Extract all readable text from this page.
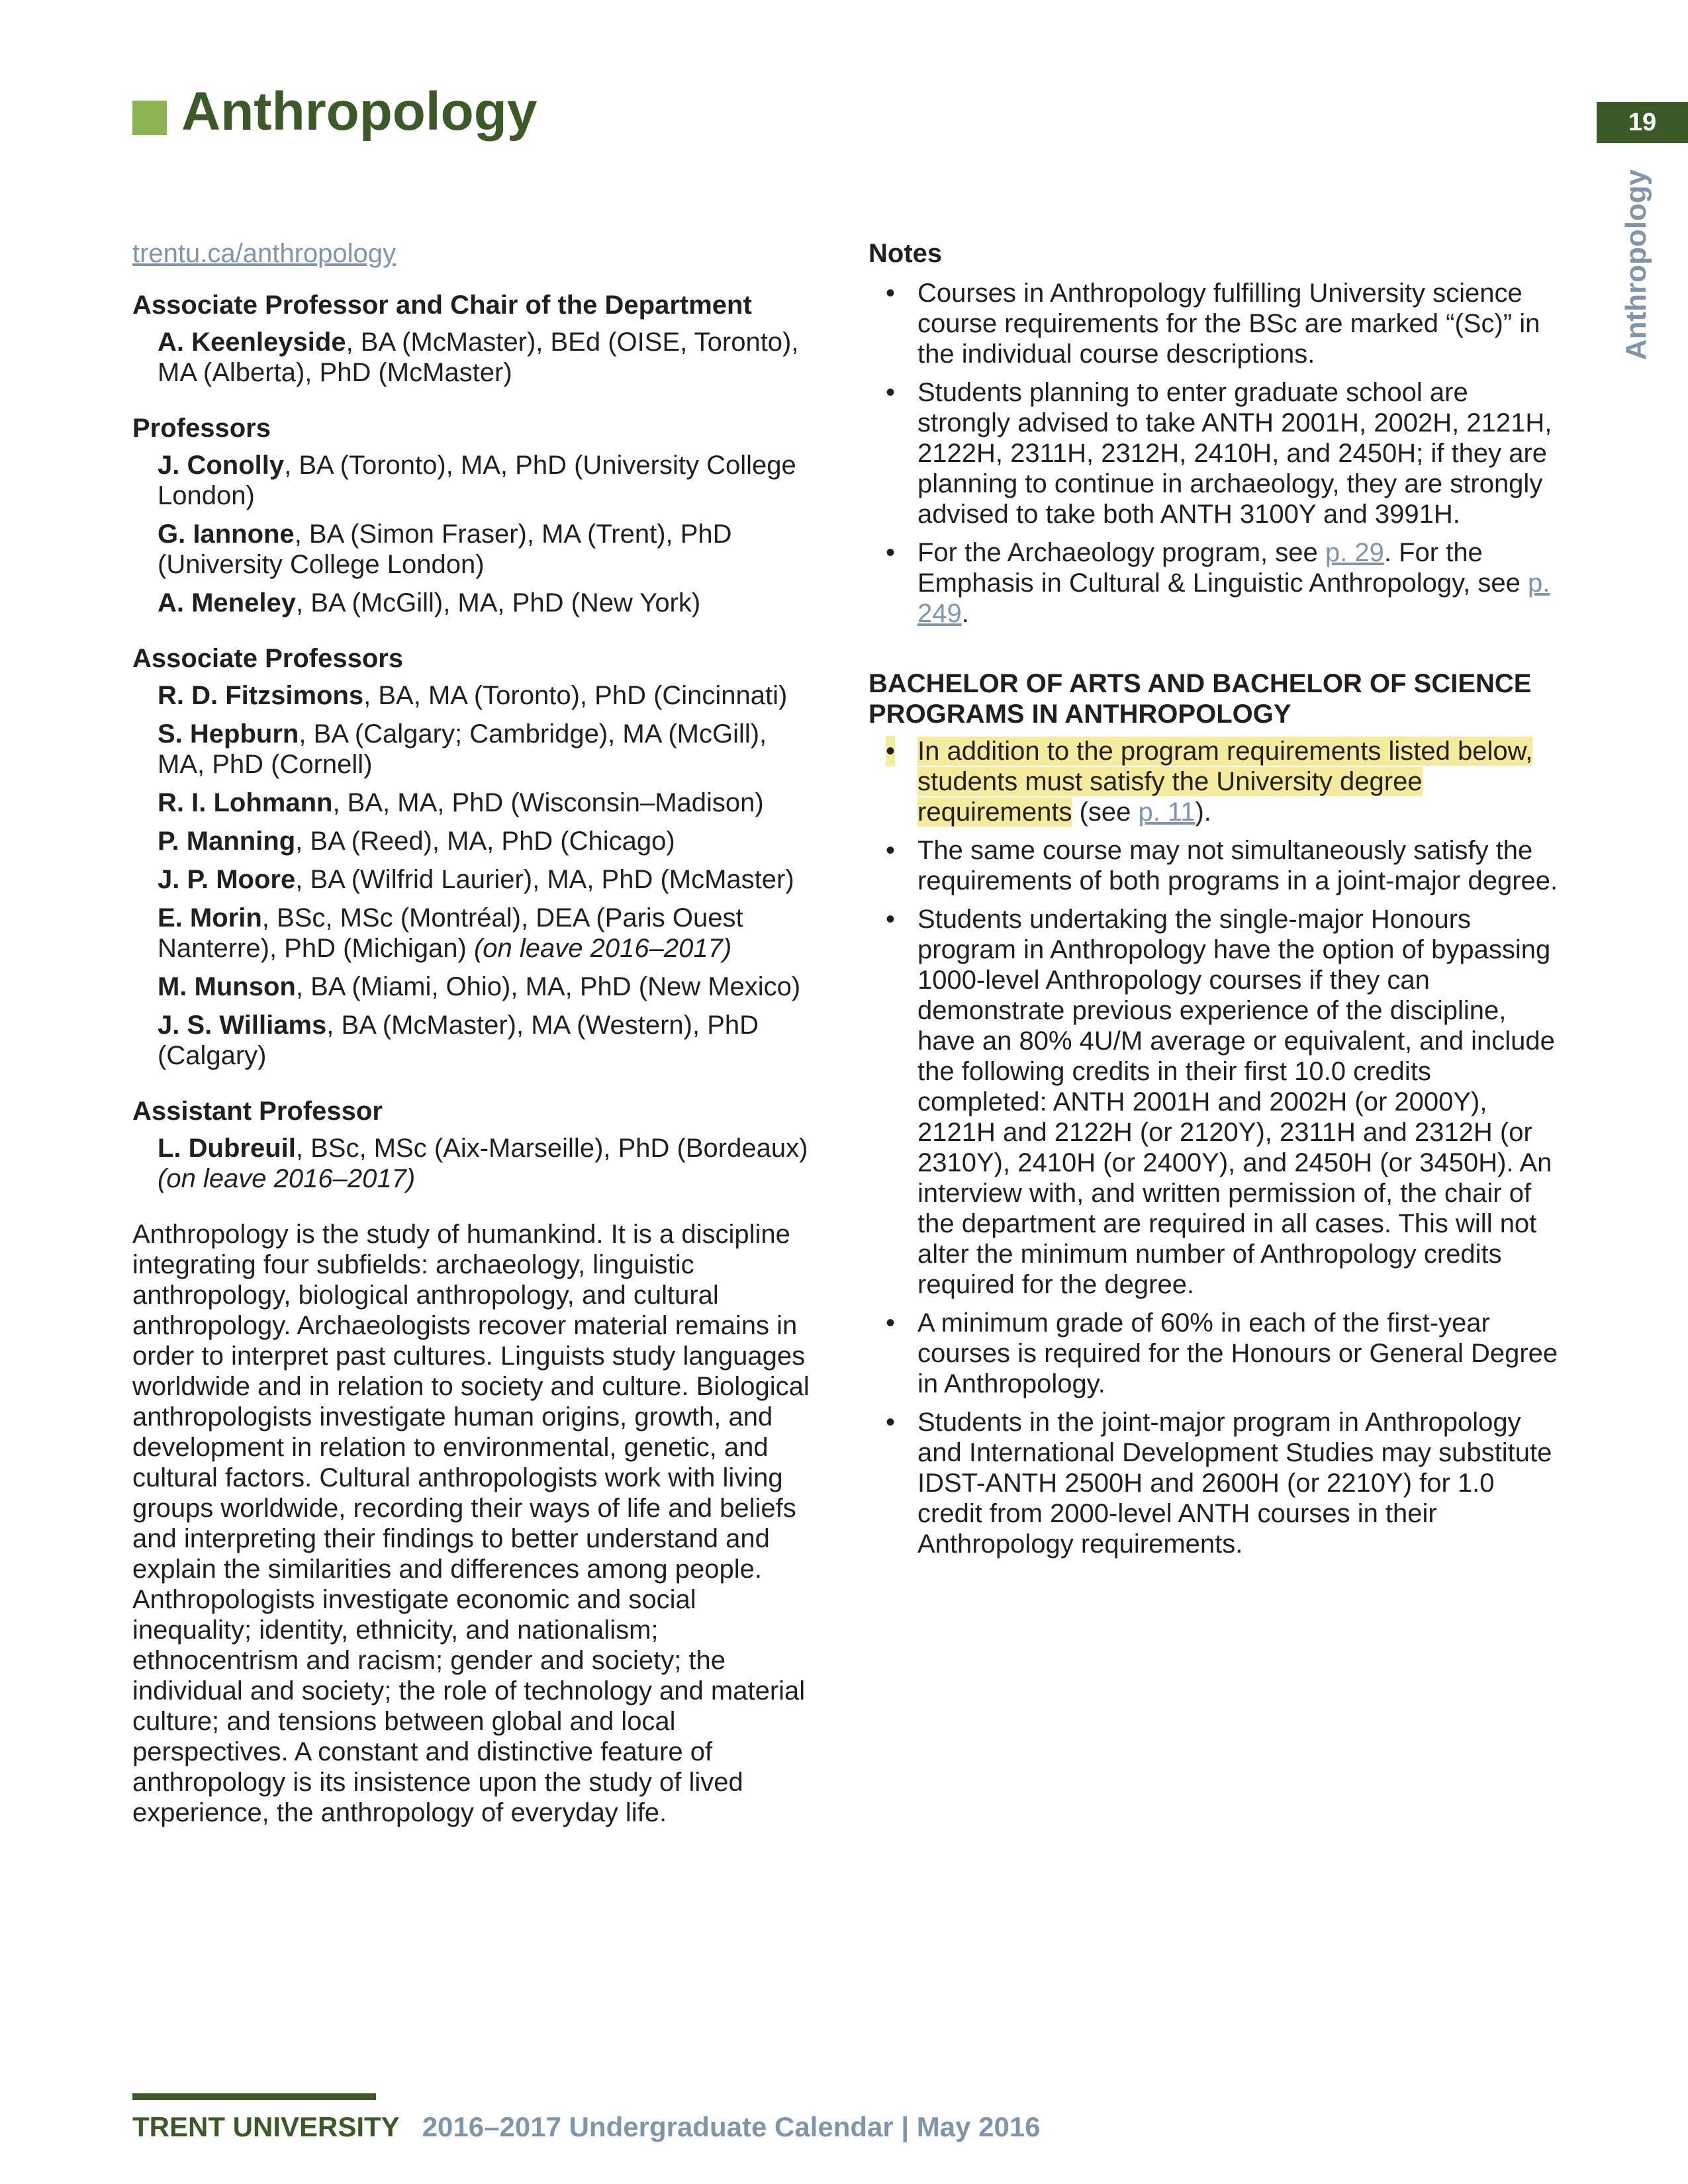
Anthropology	19
Anthropology
trentu.ca/anthropology
Associate Professor and Chair of the Department
A. Keenleyside, BA (McMaster), BEd (OISE, Toronto), MA (Alberta), PhD (McMaster)
Professors
J. Conolly, BA (Toronto), MA, PhD (University College London)
G. Iannone, BA (Simon Fraser), MA (Trent), PhD (University College London)
A. Meneley, BA (McGill), MA, PhD (New York)
Associate Professors
R. D. Fitzsimons, BA, MA (Toronto), PhD (Cincinnati)
S. Hepburn, BA (Calgary; Cambridge), MA (McGill), MA, PhD (Cornell)
R. I. Lohmann, BA, MA, PhD (Wisconsin–Madison)
P. Manning, BA (Reed), MA, PhD (Chicago)
J. P. Moore, BA (Wilfrid Laurier), MA, PhD (McMaster)
E. Morin, BSc, MSc (Montréal), DEA (Paris Ouest Nanterre), PhD (Michigan) (on leave 2016–2017)
M. Munson, BA (Miami, Ohio), MA, PhD (New Mexico)
J. S. Williams, BA (McMaster), MA (Western), PhD (Calgary)
Assistant Professor
L. Dubreuil, BSc, MSc (Aix-Marseille), PhD (Bordeaux) (on leave 2016–2017)

Anthropology is the study of humankind. It is a discipline integrating four subfields: archaeology, linguistic anthropology, biological anthropology, and cultural anthropology. Archaeologists recover material remains in order to interpret past cultures. Linguists study languages worldwide and in relation to society and culture. Biological anthropologists investigate human origins, growth, and development in relation to environmental, genetic, and cultural factors. Cultural anthropologists work with living groups worldwide, recording their ways of life and beliefs and interpreting their findings to better understand and explain the similarities and differences among people. Anthropologists investigate economic and social inequality; identity, ethnicity, and nationalism; ethnocentrism and racism; gender and society; the individual and society; the role of technology and material culture; and tensions between global and local perspectives. A constant and distinctive feature of anthropology is its insistence upon the study of lived experience, the anthropology of everyday life.

Notes
• Courses in Anthropology fulfilling University science course requirements for the BSc are marked “(Sc)” in the individual course descriptions.
• Students planning to enter graduate school are strongly advised to take ANTH 2001H, 2002H, 2121H, 2122H, 2311H, 2312H, 2410H, and 2450H; if they are planning to continue in archaeology, they are strongly advised to take both ANTH 3100Y and 3991H.
• For the Archaeology program, see p. 29. For the Emphasis in Cultural & Linguistic Anthropology, see p. 249.
BACHELOR OF ARTS AND BACHELOR OF SCIENCE PROGRAMS IN ANTHROPOLOGY
• In addition to the program requirements listed below, students must satisfy the University degree requirements (see p. 11).
• The same course may not simultaneously satisfy the requirements of both programs in a joint-major degree.
• Students undertaking the single-major Honours program in Anthropology have the option of bypassing 1000-level Anthropology courses if they can demonstrate previous experience of the discipline, have an 80% 4U/M average or equivalent, and include the following credits in their first 10.0 credits completed: ANTH 2001H and 2002H (or 2000Y), 2121H and 2122H (or 2120Y), 2311H and 2312H (or 2310Y), 2410H (or 2400Y), and 2450H (or 3450H). An interview with, and written permission of, the chair of the department are required in all cases. This will not alter the minimum number of Anthropology credits required for the degree.
• A minimum grade of 60% in each of the first-year courses is required for the Honours or General Degree in Anthropology.
• Students in the joint-major program in Anthropology and International Development Studies may substitute IDST-ANTH 2500H and 2600H (or 2210Y) for 1.0 credit from 2000-level ANTH courses in their Anthropology requirements.
TRENT UNIVERSITY 2016–2017 Undergraduate Calendar | May 2016
